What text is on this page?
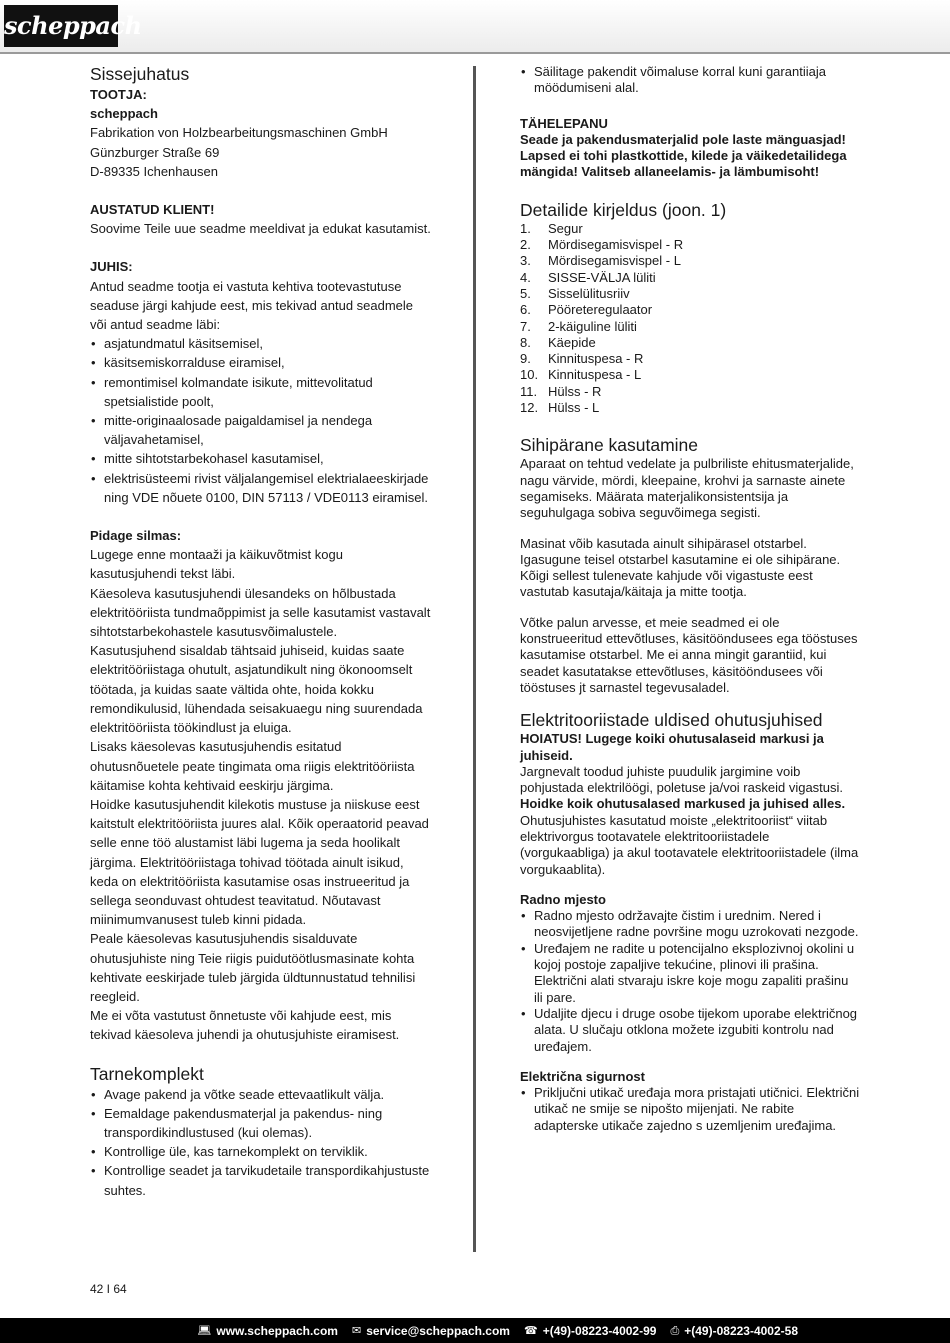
scheppach
Sissejuhatus

TOOTJA:

scheppach

Fabrikation von Holzbearbeitungsmaschinen GmbH

Günzburger Straße 69

D-89335 Ichenhausen

AUSTATUD KLIENT!

Soovime Teile uue seadme meeldivat ja edukat kasutamist.

JUHIS:

Antud seadme tootja ei vastuta kehtiva tootevastutuse seaduse järgi kahjude eest, mis tekivad antud seadmele või antud seadme läbi:

• asjatundmatul käsitsemisel,
• käsitsemiskorralduse eiramisel,
• remontimisel kolmandate isikute, mittevolitatud spetsialistide poolt,
• mitte-originaalosade paigaldamisel ja nendega väljavahetamisel,
• mitte sihtotstarbekohasel kasutamisel,
• elektrisüsteemi rivist väljalangemisel elektrialaeeskirjade ning VDE nõuete 0100, DIN 57113 / VDE0113 eiramisel.

Pidage silmas:

Lugege enne montaaži ja käikuvõtmist kogu kasutusjuhendi tekst läbi.

Käesoleva kasutusjuhendi ülesandeks on hõlbustada elektritööriista tundmaõppimist ja selle kasutamist vastavalt sihtotstarbekohastele kasutusvõimalustele.

Kasutusjuhend sisaldab tähtsaid juhiseid, kuidas saate elektritööriistaga ohutult, asjatundikult ning ökonoomselt töötada, ja kuidas saate vältida ohte, hoida kokku remondikulusid, lühendada seisakuaegu ning suurendada elektritööriista töökindlust ja eluiga.

Lisaks käesolevas kasutusjuhendis esitatud ohutusnõuetele peate tingimata oma riigis elektritööriista käitamise kohta kehtivaid eeskirju järgima.

Hoidke kasutusjuhendit kilekotis mustuse ja niiskuse eest kaitstult elektritööriista juures alal. Kõik operaatorid peavad selle enne töö alustamist läbi lugema ja seda hoolikalt järgima. Elektritööriistaga tohivad töötada ainult isikud, keda on elektritööriista kasutamise osas instrueeritud ja sellega seonduvast ohtudest teavitatud. Nõutavast miinimumvanusest tuleb kinni pidada.

Peale käesolevas kasutusjuhendis sisalduvate ohutusjuhiste ning Teie riigis puidutöötlusmasinate kohta kehtivate eeskirjade tuleb järgida üldtunnustatud tehnilisi reegleid.

Me ei võta vastutust õnnetuste või kahjude eest, mis tekivad käesoleva juhendi ja ohutusjuhiste eiramisest.

Tarnekomplekt
• Avage pakend ja võtke seade ettevaatlikult välja.
• Eemaldage pakendusmaterjal ja pakendus- ning transpordikindlustused (kui olemas).
• Kontrollige üle, kas tarnekomplekt on terviklik.
• Kontrollige seadet ja tarvikudetaile transpordikahjustuste suhtes.
• Säilitage pakendit võimaluse korral kuni garantiiaja möödumiseni alal.

TÄHELEPANU

Seade ja pakendusmaterjalid pole laste mänguasjad! Lapsed ei tohi plastkottide, kilede ja väikedetailidega mängida! Valitseb allaneelamis- ja lämbumisoht!

Detailide kirjeldus (joon. 1)
1.	Segur
2.	Mördisegamisvispel - R
3.	Mördisegamisvispel - L
4.	SISSE-VÄLJA lüliti
5.	Sisselülitusriiv
6.	Pööreteregulaator
7.	2-käiguline lüliti
8.	Käepide
9.	Kinnituspesa - R
10. Kinnituspesa - L
11. Hülss - R
12. Hülss - L
Sihipärane kasutamine

Aparaat on tehtud vedelate ja pulbriliste ehitusmaterjalide, nagu värvide, mördi, kleepaine, krohvi ja sarnaste ainete segamiseks. Määrata materjalikonsistentsija ja seguhulgaga sobiva seguvõimega segisti.

Masinat võib kasutada ainult sihipärasel otstarbel. Igasugune teisel otstarbel kasutamine ei ole sihipärane. Kõigi sellest tulenevate kahjude või vigastuste eest vastutab kasutaja/käitaja ja mitte tootja.

Võtke palun arvesse, et meie seadmed ei ole konstrueeritud ettevõtluses, käsitööndusees ega tööstuses kasutamise otstarbel. Me ei anna mingit garantiid, kui seadet kasutatakse ettevõtluses, käsitööndusees või tööstuses jt sarnastel tegevusaladel.

Elektritooriistade uldised ohutusjuhised

HOIATUS! Lugege koiki ohutusalaseid markusi ja juhiseid.

Jargnevalt toodud juhiste puudulik jargimine voib pohjustada elektrilöögi, poletuse ja/voi raskeid vigastusi.

Hoidke koik ohutusalased markused ja juhised alles.

Ohutusjuhistes kasutatud moiste „elektritooriist“ viitab elektrivorgus tootavatele elektritooriistadele (vorgukaabliga) ja akul tootavatele elektritooriistadele (ilma vorgukaablita).

Radno mjesto

• Radno mjesto održavajte čistim i urednim. Nered i neosvijetljene radne površine mogu uzrokovati nezgode.
• Uređajem ne radite u potencijalno eksplozivnoj okolini u kojoj postoje zapaljive tekućine, plinovi ili prašina. Električni alati stvaraju iskre koje mogu zapaliti prašinu ili pare.
• Udaljite djecu i druge osobe tijekom uporabe električnog alata. U slučaju otklona možete izgubiti kontrolu nad uređajem.

Električna sigurnost

• Priključni utikač uređaja mora pristajati utičnici. Električni utikač ne smije se nipošto mijenjati. Ne rabite adapterske utikače zajedno s uzemljenim uređajima.
42 I 64
💻︎ www.scheppach.com ✉ service@scheppach.com ☎ +(49)-08223-4002-99 ⎙ +(49)-08223-4002-58
